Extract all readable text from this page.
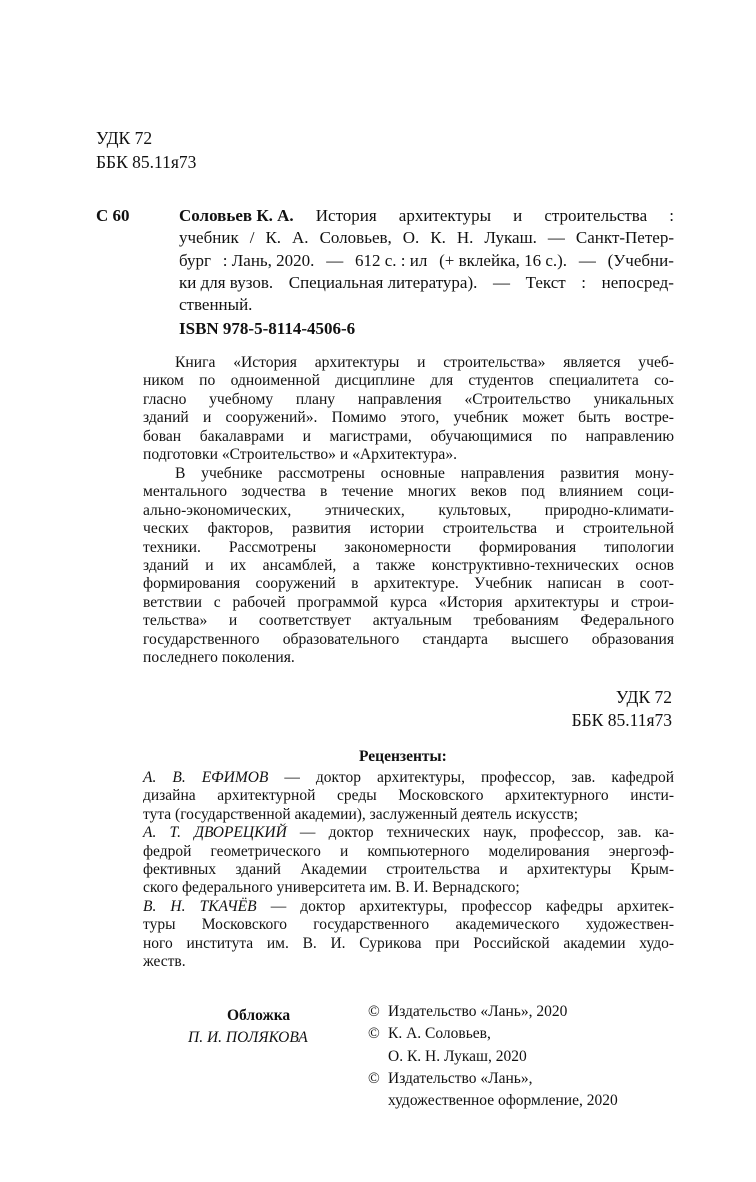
УДК 72
ББК 85.11я73
С 60	Соловьев К. А. История архитектуры и строительства :
учебник / К. А. Соловьев, О. К. Н. Лукаш. — Санкт-Петер-
бург : Лань, 2020. — 612 с. : ил (+ вклейка, 16 с.). — (Учебни-
ки для вузов. Специальная литература). — Текст : непосред-
ственный.
ISBN 978-5-8114-4506-6
Книга «История архитектуры и строительства» является учеб-
ником по одноименной дисциплине для студентов специалитета со-
гласно учебному плану направления «Строительство уникальных
зданий и сооружений». Помимо этого, учебник может быть востре-
бован бакалаврами и магистрами, обучающимися по направлению
подготовки «Строительство» и «Архитектура».
В учебнике рассмотрены основные направления развития мону-
ментального зодчества в течение многих веков под влиянием соци-
ально-экономических, этнических, культовых, природно-климати-
ческих факторов, развития истории строительства и строительной
техники. Рассмотрены закономерности формирования типологии
зданий и их ансамблей, а также конструктивно-технических основ
формирования сооружений в архитектуре. Учебник написан в соот-
ветствии с рабочей программой курса «История архитектуры и строи-
тельства» и соответствует актуальным требованиям Федерального
государственного образовательного стандарта высшего образования
последнего поколения.
УДК 72
ББК 85.11я73
Рецензенты:
А. В. ЕФИМОВ — доктор архитектуры, профессор, зав. кафедрой
дизайна архитектурной среды Московского архитектурного инсти-
тута (государственной академии), заслуженный деятель искусств;
А. Т. ДВОРЕЦКИЙ — доктор технических наук, профессор, зав. ка-
федрой геометрического и компьютерного моделирования энергоэф-
фективных зданий Академии строительства и архитектуры Крым-
ского федерального университета им. В. И. Вернадского;
В. Н. ТКАЧЁВ — доктор архитектуры, профессор кафедры архитек-
туры Московского государственного академического художествен-
ного института им. В. И. Сурикова при Российской академии худо-
жеств.
Обложка
П. И. ПОЛЯКОВА
© Издательство «Лань», 2020
© К. А. Соловьев,
О. К. Н. Лукаш, 2020
© Издательство «Лань»,
художественное оформление, 2020
